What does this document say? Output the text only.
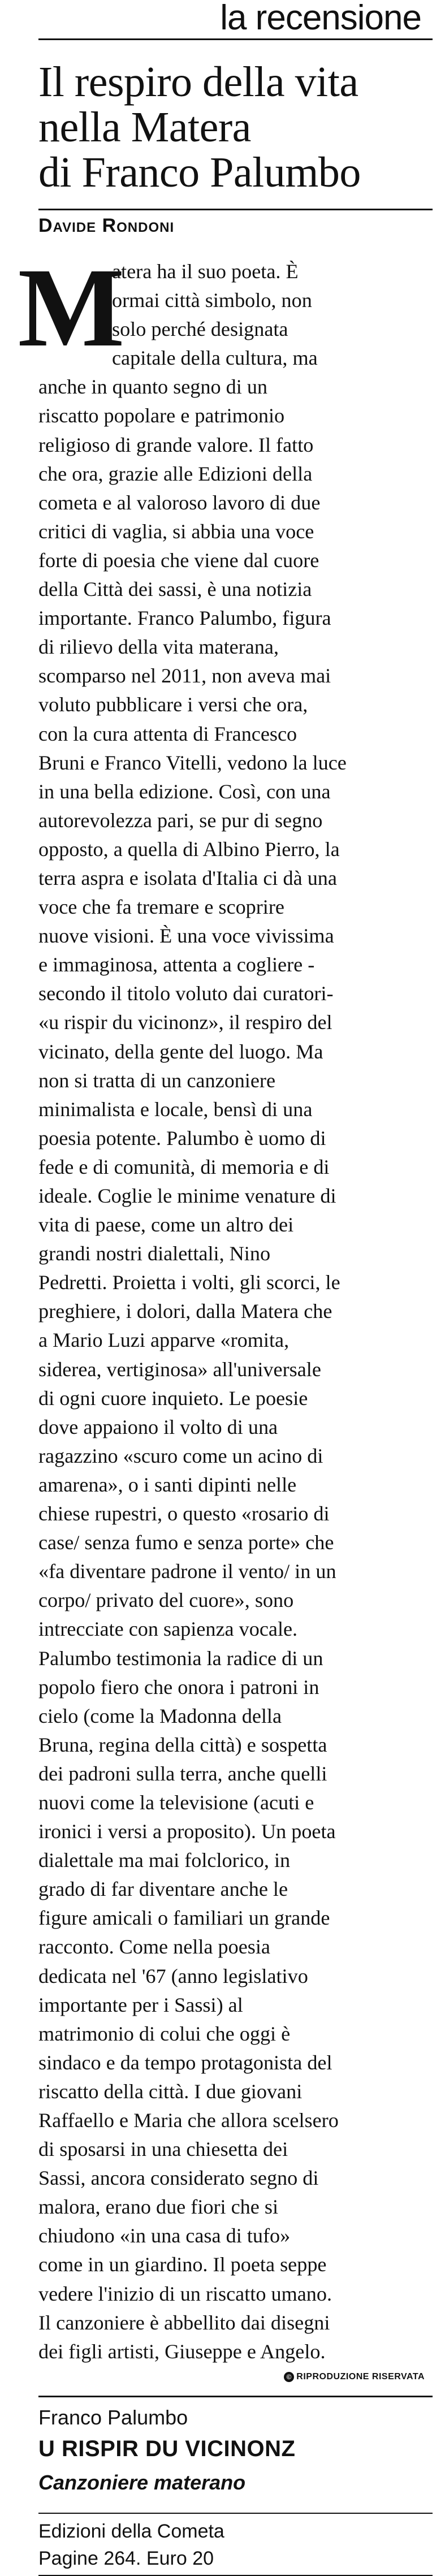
la recensione
Il respiro della vita
nella Matera
di Franco Palumbo
Davide Rondoni
M

atera ha il suo poeta. È
ormai città simbolo, non
solo perché designata
capitale della cultura, ma
anche in quanto segno di un
riscatto popolare e patrimonio
religioso di grande valore. Il fatto
che ora, grazie alle Edizioni della
cometa e al valoroso lavoro di due
critici di vaglia, si abbia una voce
forte di poesia che viene dal cuore
della Città dei sassi, è una notizia
importante. Franco Palumbo, figura
di rilievo della vita materana,
scomparso nel 2011, non aveva mai
voluto pubblicare i versi che ora,
con la cura attenta di Francesco
Bruni e Franco Vitelli, vedono la luce
in una bella edizione. Così, con una
autorevolezza pari, se pur di segno
opposto, a quella di Albino Pierro, la
terra aspra e isolata d'Italia ci dà una
voce che fa tremare e scoprire
nuove visioni. È una voce vivissima
e immaginosa, attenta a cogliere -
secondo il titolo voluto dai curatori-
«u rispir du vicinonz», il respiro del
vicinato, della gente del luogo. Ma
non si tratta di un canzoniere
minimalista e locale, bensì di una
poesia potente. Palumbo è uomo di
fede e di comunità, di memoria e di
ideale. Coglie le minime venature di
vita di paese, come un altro dei
grandi nostri dialettali, Nino
Pedretti. Proietta i volti, gli scorci, le
preghiere, i dolori, dalla Matera che
a Mario Luzi apparve «romita,
siderea, vertiginosa» all'universale
di ogni cuore inquieto. Le poesie
dove appaiono il volto di una
ragazzino «scuro come un acino di
amarena», o i santi dipinti nelle
chiese rupestri, o questo «rosario di
case/ senza fumo e senza porte» che
«fa diventare padrone il vento/ in un
corpo/ privato del cuore», sono
intrecciate con sapienza vocale.
Palumbo testimonia la radice di un
popolo fiero che onora i patroni in
cielo (come la Madonna della
Bruna, regina della città) e sospetta
dei padroni sulla terra, anche quelli
nuovi come la televisione (acuti e
ironici i versi a proposito). Un poeta
dialettale ma mai folclorico, in
grado di far diventare anche le
figure amicali o familiari un grande
racconto. Come nella poesia
dedicata nel '67 (anno legislativo
importante per i Sassi) al
matrimonio di colui che oggi è
sindaco e da tempo protagonista del
riscatto della città. I due giovani
Raffaello e Maria che allora scelsero
di sposarsi in una chiesetta dei
Sassi, ancora considerato segno di
malora, erano due fiori che si
chiudono «in una casa di tufo»
come in un giardino. Il poeta seppe
vedere l'inizio di un riscatto umano.
Il canzoniere è abbellito dai disegni
dei figli artisti, Giuseppe e Angelo.

© RIPRODUZIONE RISERVATA
Franco Palumbo
U RISPIR DU VICINONZ
Canzoniere materano
Edizioni della Cometa
Pagine 264. Euro 20
